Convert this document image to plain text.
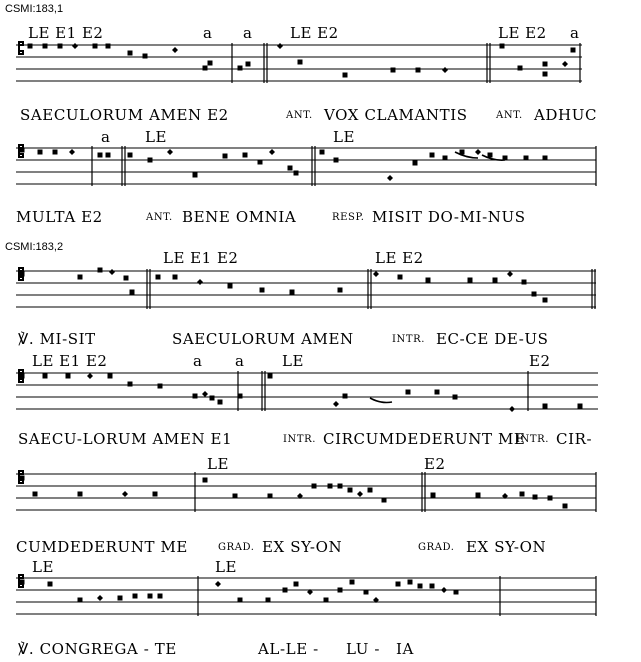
CSMI:183,1
CSMI:183,2
LE E1 E2	a a	LE E2	LE E2 a
SAECULORUM AMEN E2	ANT. VOX CLAMANTIS	ANT. ADHUC
a LE	LE
MULTA E2	ANT. BENE OMNIA	RESP. MISIT DO-MI-NUS
LE E1 E2	LE E2
℣. MI-SIT	SAECULORUM AMEN	INTR. EC-CE DE-US
LE E1 E2	a a	LE	E2
SAECU-LORUM AMEN E1	INTR. CIRCUMDEDERUNT ME
INTR. CIR-
LE	E2
CUMDEDERUNT ME	GRAD. EX SY-ON	GRAD. EX SY-ON
LE	LE
℣. CONGREGA - TE	AL-LE - LU - IA
